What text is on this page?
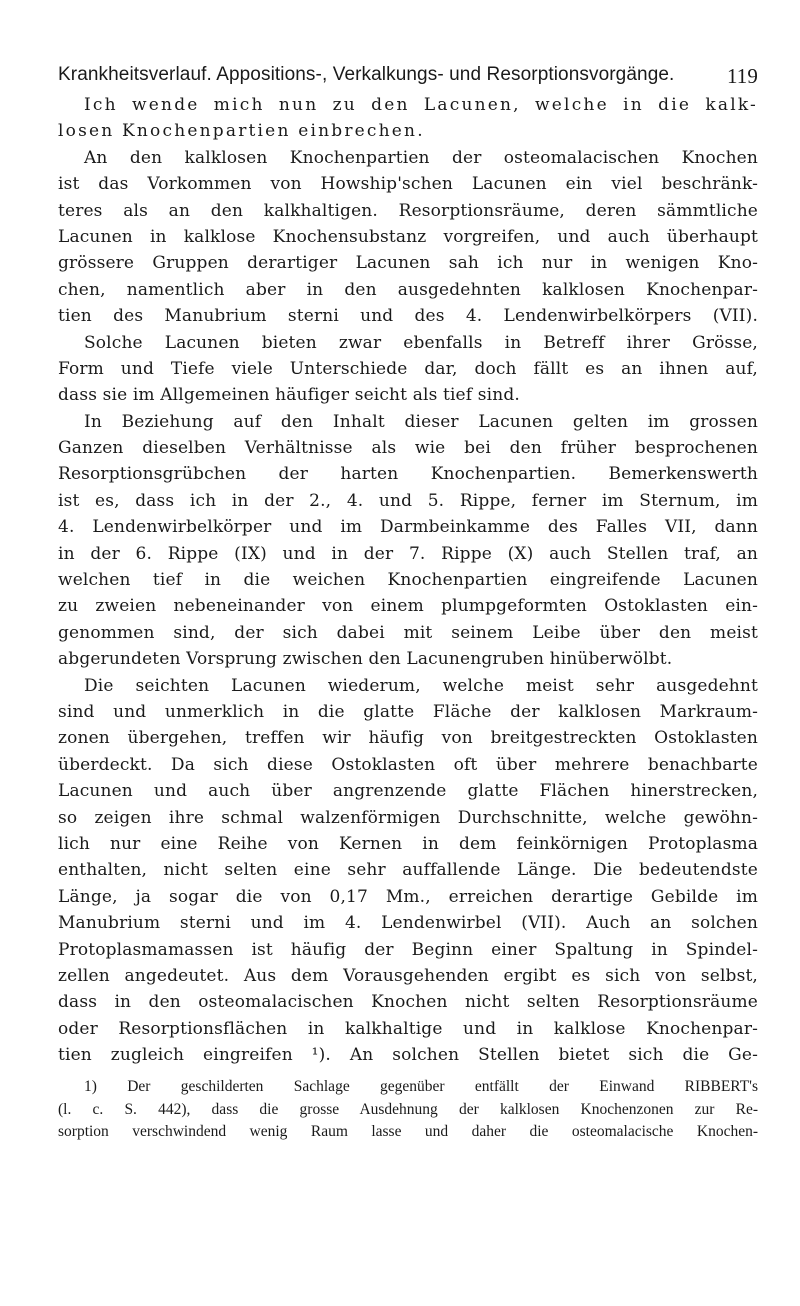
Krankheitsverlauf. Appositions-, Verkalkungs- und Resorptionsvorgänge.	119
Ich wende mich nun zu den Lacunen, welche in die kalk-
losen Knochenpartien einbrechen.
An den kalklosen Knochenpartien der osteomalacischen Knochen
ist das Vorkommen von Howship'schen Lacunen ein viel beschränk-
teres als an den kalkhaltigen. Resorptionsräume, deren sämmtliche
Lacunen in kalklose Knochensubstanz vorgreifen, und auch überhaupt
grössere Gruppen derartiger Lacunen sah ich nur in wenigen Kno-
chen, namentlich aber in den ausgedehnten kalklosen Knochenpar-
tien des Manubrium sterni und des 4. Lendenwirbelkörpers (VII).
Solche Lacunen bieten zwar ebenfalls in Betreff ihrer Grösse,
Form und Tiefe viele Unterschiede dar, doch fällt es an ihnen auf,
dass sie im Allgemeinen häufiger seicht als tief sind.
In Beziehung auf den Inhalt dieser Lacunen gelten im grossen
Ganzen dieselben Verhältnisse als wie bei den früher besprochenen
Resorptionsgrübchen der harten Knochenpartien. Bemerkenswerth
ist es, dass ich in der 2., 4. und 5. Rippe, ferner im Sternum, im
4. Lendenwirbelkörper und im Darmbeinkamme des Falles VII, dann
in der 6. Rippe (IX) und in der 7. Rippe (X) auch Stellen traf, an
welchen tief in die weichen Knochenpartien eingreifende Lacunen
zu zweien nebeneinander von einem plumpgeformten Ostoklasten ein-
genommen sind, der sich dabei mit seinem Leibe über den meist
abgerundeten Vorsprung zwischen den Lacunengruben hinüberwölbt.
Die seichten Lacunen wiederum, welche meist sehr ausgedehnt
sind und unmerklich in die glatte Fläche der kalklosen Markraum-
zonen übergehen, treffen wir häufig von breitgestreckten Ostoklasten
überdeckt. Da sich diese Ostoklasten oft über mehrere benachbarte
Lacunen und auch über angrenzende glatte Flächen hinerstrecken,
so zeigen ihre schmal walzenförmigen Durchschnitte, welche gewöhn-
lich nur eine Reihe von Kernen in dem feinkörnigen Protoplasma
enthalten, nicht selten eine sehr auffallende Länge. Die bedeutendste
Länge, ja sogar die von 0,17 Mm., erreichen derartige Gebilde im
Manubrium sterni und im 4. Lendenwirbel (VII). Auch an solchen
Protoplasmamassen ist häufig der Beginn einer Spaltung in Spindel-
zellen angedeutet. Aus dem Vorausgehenden ergibt es sich von selbst,
dass in den osteomalacischen Knochen nicht selten Resorptionsräume
oder Resorptionsflächen in kalkhaltige und in kalklose Knochenpar-
tien zugleich eingreifen ¹). An solchen Stellen bietet sich die Ge-
1) Der geschilderten Sachlage gegenüber entfällt der Einwand RIBBERT's
(l. c. S. 442), dass die grosse Ausdehnung der kalklosen Knochenzonen zur Re-
sorption verschwindend wenig Raum lasse und daher die osteomalacische Knochen-
